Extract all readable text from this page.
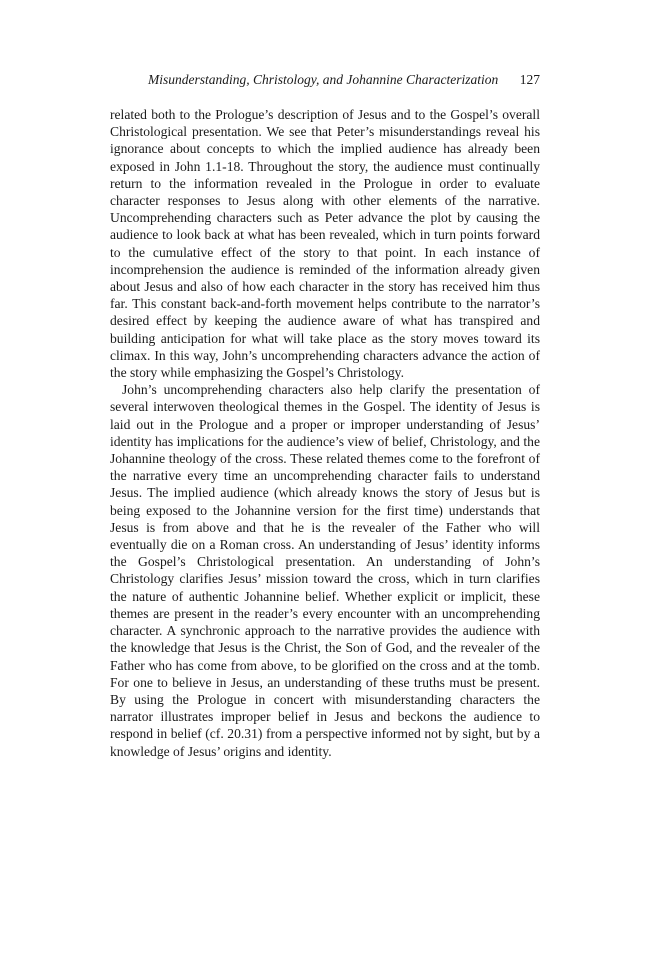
Misunderstanding, Christology, and Johannine Characterization 127

related both to the Prologue’s description of Jesus and to the Gospel’s overall Christological presentation. We see that Peter’s misunderstandings reveal his ignorance about concepts to which the implied audience has already been exposed in John 1.1-18. Throughout the story, the audience must continually return to the information revealed in the Prologue in order to evaluate character responses to Jesus along with other elements of the narrative. Uncomprehending characters such as Peter advance the plot by causing the audience to look back at what has been revealed, which in turn points forward to the cumulative effect of the story to that point. In each instance of incomprehension the audience is reminded of the information already given about Jesus and also of how each character in the story has received him thus far. This constant back-and-forth movement helps contribute to the narrator’s desired effect by keeping the audience aware of what has transpired and building anticipation for what will take place as the story moves toward its climax. In this way, John’s uncomprehending characters advance the action of the story while emphasizing the Gospel’s Christology.

John’s uncomprehending characters also help clarify the presentation of several interwoven theological themes in the Gospel. The identity of Jesus is laid out in the Prologue and a proper or improper understanding of Jesus’ identity has implications for the audience’s view of belief, Christology, and the Johannine theology of the cross. These related themes come to the forefront of the narrative every time an uncomprehending character fails to understand Jesus. The implied audience (which already knows the story of Jesus but is being exposed to the Johannine version for the first time) understands that Jesus is from above and that he is the revealer of the Father who will eventually die on a Roman cross. An understanding of Jesus’ identity informs the Gospel’s Christological presentation. An understanding of John’s Christology clarifies Jesus’ mission toward the cross, which in turn clarifies the nature of authentic Johannine belief. Whether explicit or implicit, these themes are present in the reader’s every encounter with an uncomprehending character. A synchronic approach to the narrative provides the audience with the knowledge that Jesus is the Christ, the Son of God, and the revealer of the Father who has come from above, to be glorified on the cross and at the tomb. For one to believe in Jesus, an understanding of these truths must be present. By using the Prologue in concert with misunderstanding characters the narrator illustrates improper belief in Jesus and beckons the audience to respond in belief (cf. 20.31) from a perspective informed not by sight, but by a knowledge of Jesus’ origins and identity.
